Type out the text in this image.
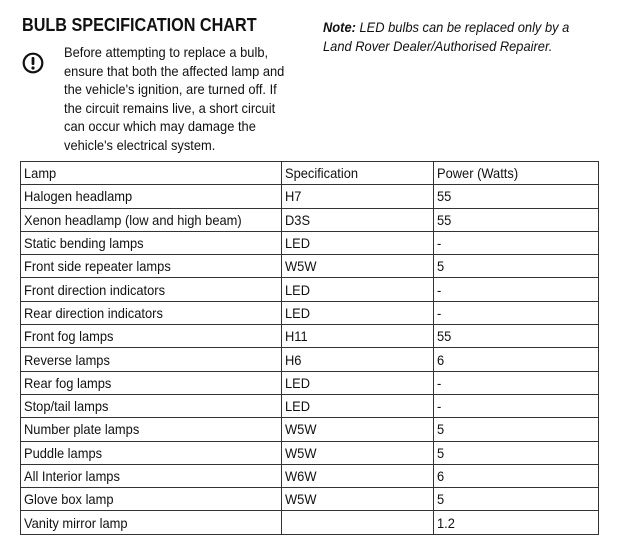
BULB SPECIFICATION CHART
Before attempting to replace a bulb,
ensure that both the affected lamp and
the vehicle's ignition, are turned off. If
the circuit remains live, a short circuit
can occur which may damage the
vehicle's electrical system.
Note: LED bulbs can be replaced only by a
Land Rover Dealer/Authorised Repairer.
Lamp	Specification	Power (Watts)
Halogen headlamp	H7	55
Xenon headlamp (low and high beam)	D3S	55
Static bending lamps	LED	-
Front side repeater lamps	W5W	5
Front direction indicators	LED	-
Rear direction indicators	LED	-
Front fog lamps	H11	55
Reverse lamps	H6	6
Rear fog lamps	LED	-
Stop/tail lamps	LED	-
Number plate lamps	W5W	5
Puddle lamps	W5W	5
All Interior lamps	W6W	6
Glove box lamp	W5W	5
Vanity mirror lamp		1.2
